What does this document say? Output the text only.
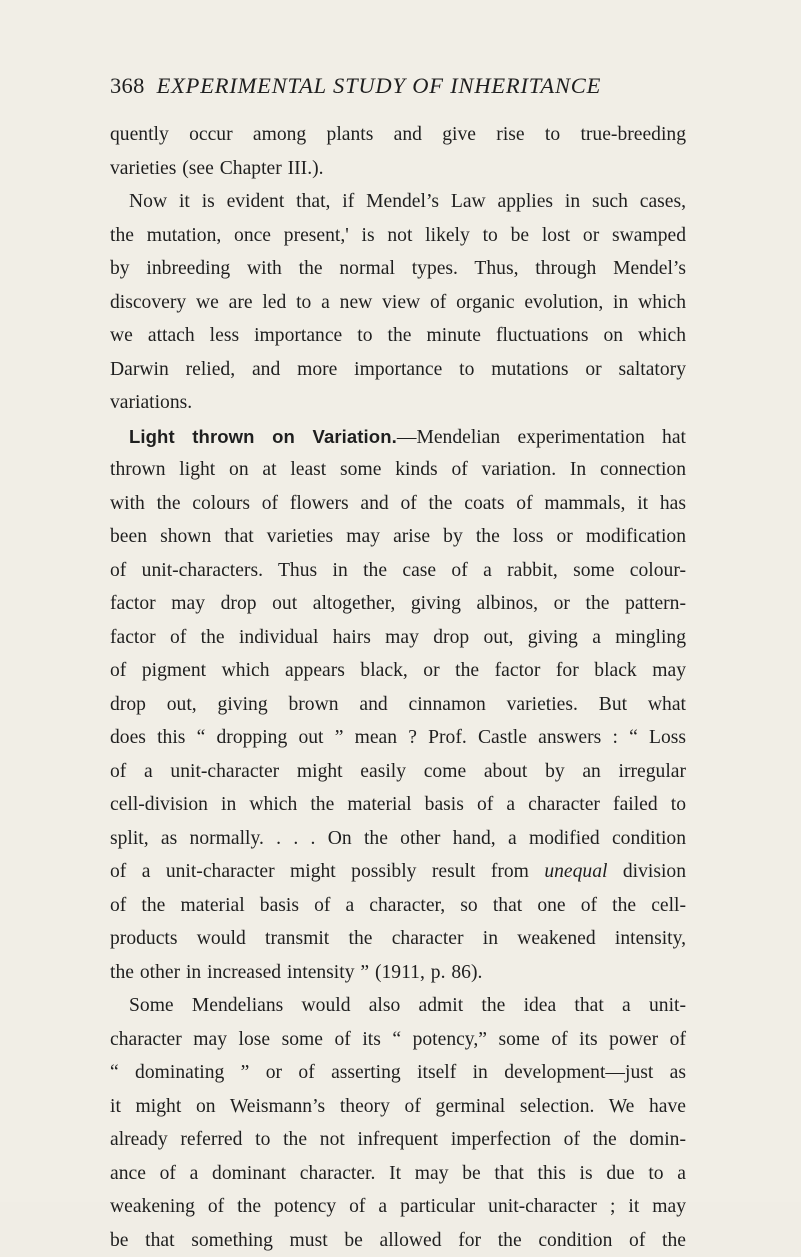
368 EXPERIMENTAL STUDY OF INHERITANCE
quently occur among plants and give rise to true-breeding
varieties (see Chapter III.).
Now it is evident that, if Mendel’s Law applies in such cases,
the mutation, once present,' is not likely to be lost or swamped
by inbreeding with the normal types. Thus, through Mendel’s
discovery we are led to a new view of organic evolution, in which
we attach less importance to the minute fluctuations on which
Darwin relied, and more importance to mutations or saltatory
variations.
Light thrown on Variation.—Mendelian experimentation hat
thrown light on at least some kinds of variation. In connection
with the colours of flowers and of the coats of mammals, it has
been shown that varieties may arise by the loss or modification
of unit-characters. Thus in the case of a rabbit, some colour-
factor may drop out altogether, giving albinos, or the pattern-
factor of the individual hairs may drop out, giving a mingling
of pigment which appears black, or the factor for black may
drop out, giving brown and cinnamon varieties. But what
does this “ dropping out ” mean ? Prof. Castle answers : “ Loss
of a unit-character might easily come about by an irregular
cell-division in which the material basis of a character failed to
split, as normally. . . . On the other hand, a modified condition
of a unit-character might possibly result from unequal division
of the material basis of a character, so that one of the cell-
products would transmit the character in weakened intensity,
the other in increased intensity ” (1911, p. 86).
Some Mendelians would also admit the idea that a unit-
character may lose some of its “ potency,” some of its power of
“ dominating ” or of asserting itself in development—just as
it might on Weismann’s theory of germinal selection. We have
already referred to the not infrequent imperfection of the domin-
ance of a dominant character. It may be that this is due to a
weakening of the potency of a particular unit-character ; it may
be that something must be allowed for the condition of the
